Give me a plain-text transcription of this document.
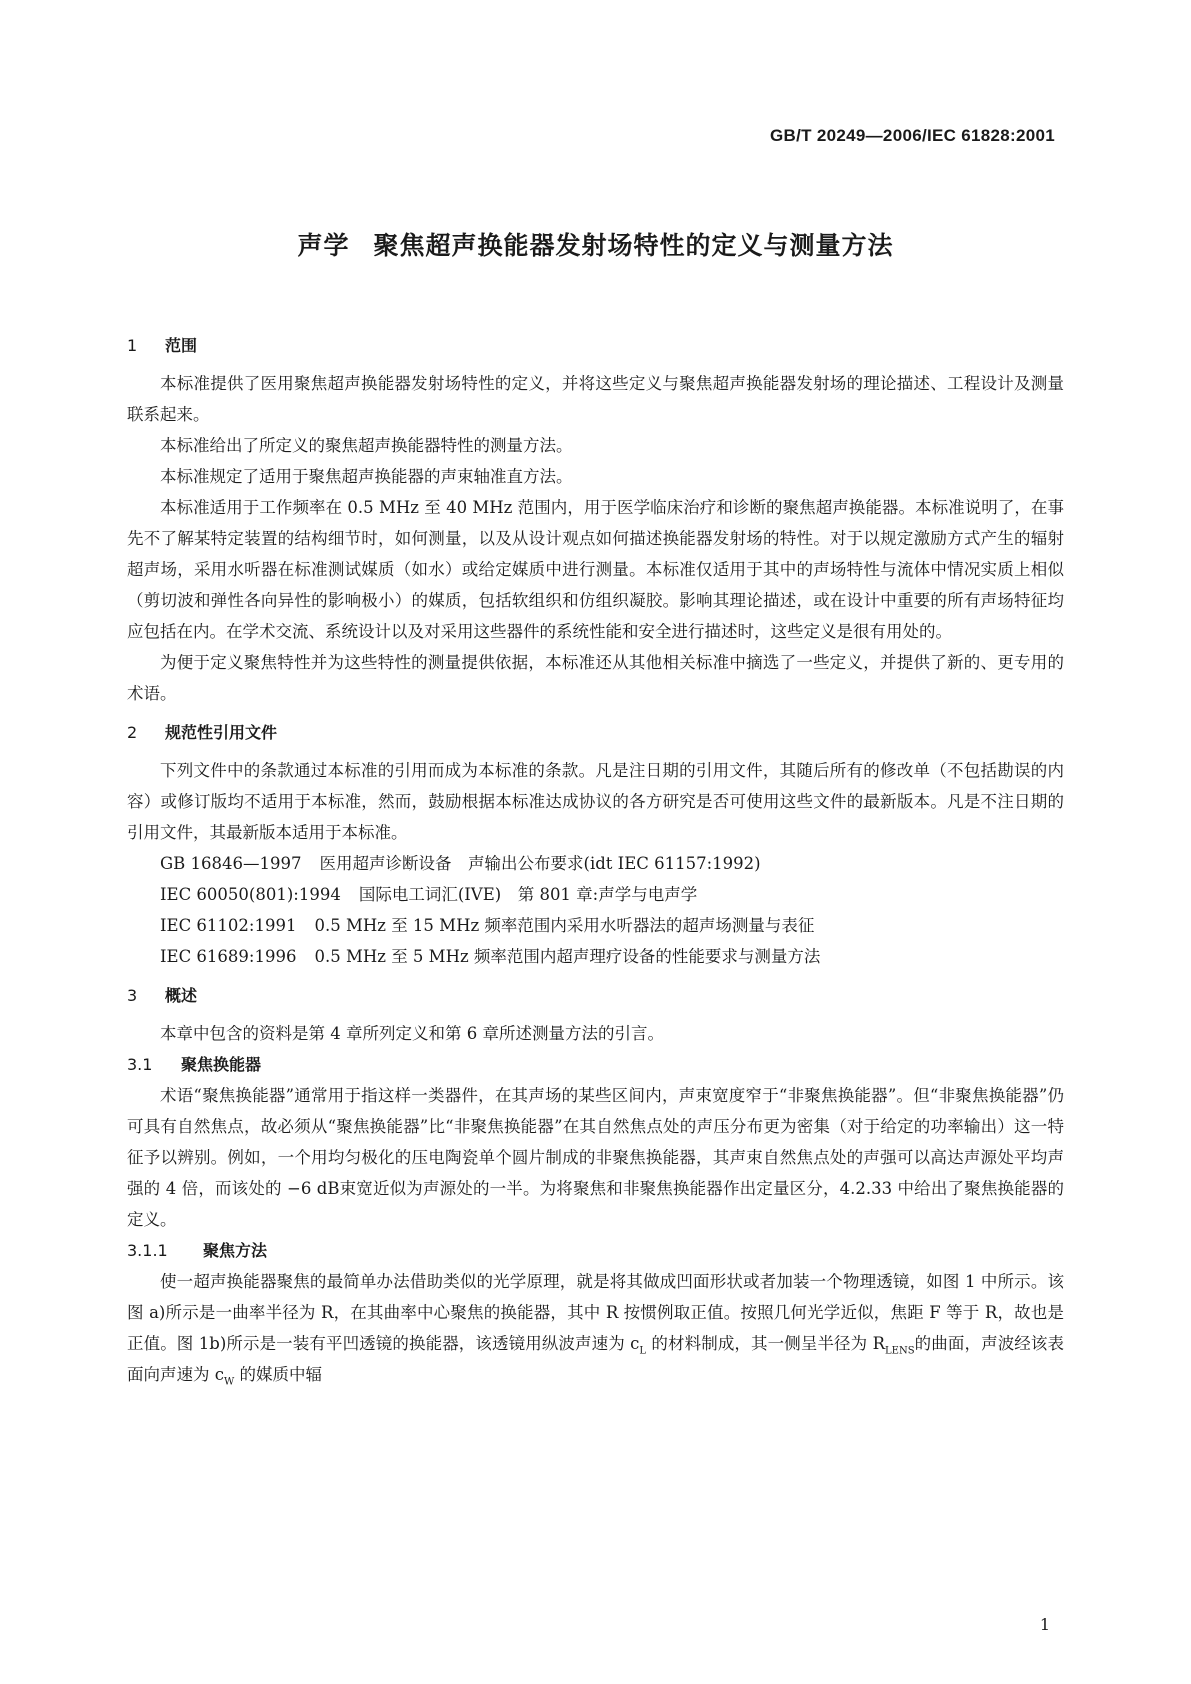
GB/T 20249—2006/IEC 61828:2001
声学 聚焦超声换能器发射场特性的定义与测量方法
1 范围

本标准提供了医用聚焦超声换能器发射场特性的定义，并将这些定义与聚焦超声换能器发射场的理论描述、工程设计及测量联系起来。

本标准给出了所定义的聚焦超声换能器特性的测量方法。

本标准规定了适用于聚焦超声换能器的声束轴准直方法。

本标准适用于工作频率在 0.5 MHz 至 40 MHz 范围内，用于医学临床治疗和诊断的聚焦超声换能器。本标准说明了，在事先不了解某特定装置的结构细节时，如何测量，以及从设计观点如何描述换能器发射场的特性。对于以规定激励方式产生的辐射超声场，采用水听器在标准测试媒质（如水）或给定媒质中进行测量。本标准仅适用于其中的声场特性与流体中情况实质上相似（剪切波和弹性各向异性的影响极小）的媒质，包括软组织和仿组织凝胶。影响其理论描述，或在设计中重要的所有声场特征均应包括在内。在学术交流、系统设计以及对采用这些器件的系统性能和安全进行描述时，这些定义是很有用处的。

为便于定义聚焦特性并为这些特性的测量提供依据，本标准还从其他相关标准中摘选了一些定义，并提供了新的、更专用的术语。

2 规范性引用文件

下列文件中的条款通过本标准的引用而成为本标准的条款。凡是注日期的引用文件，其随后所有的修改单（不包括勘误的内容）或修订版均不适用于本标准，然而，鼓励根据本标准达成协议的各方研究是否可使用这些文件的最新版本。凡是不注日期的引用文件，其最新版本适用于本标准。

GB 16846—1997 医用超声诊断设备　声输出公布要求(idt IEC 61157:1992)

IEC 60050(801):1994 国际电工词汇(IVE)　第 801 章:声学与电声学

IEC 61102:1991 0.5 MHz 至 15 MHz 频率范围内采用水听器法的超声场测量与表征

IEC 61689:1996 0.5 MHz 至 5 MHz 频率范围内超声理疗设备的性能要求与测量方法

3 概述

本章中包含的资料是第 4 章所列定义和第 6 章所述测量方法的引言。

3.1 聚焦换能器

术语“聚焦换能器”通常用于指这样一类器件，在其声场的某些区间内，声束宽度窄于“非聚焦换能器”。但“非聚焦换能器”仍可具有自然焦点，故必须从“聚焦换能器”比“非聚焦换能器”在其自然焦点处的声压分布更为密集（对于给定的功率输出）这一特征予以辨别。例如，一个用均匀极化的压电陶瓷单个圆片制成的非聚焦换能器，其声束自然焦点处的声强可以高达声源处平均声强的 4 倍，而该处的 −6 dB束宽近似为声源处的一半。为将聚焦和非聚焦换能器作出定量区分，4.2.33 中给出了聚焦换能器的定义。

3.1.1 聚焦方法

使一超声换能器聚焦的最简单办法借助类似的光学原理，就是将其做成凹面形状或者加装一个物理透镜，如图 1 中所示。该图 a)所示是一曲率半径为 R，在其曲率中心聚焦的换能器，其中 R 按惯例取正值。按照几何光学近似，焦距 F 等于 R，故也是正值。图 1b)所示是一装有平凹透镜的换能器，该透镜用纵波声速为 $c_L$ 的材料制成，其一侧呈半径为 $R_{LENS}$的曲面，声波经该表面向声速为 $c_W$ 的媒质中辐

1
